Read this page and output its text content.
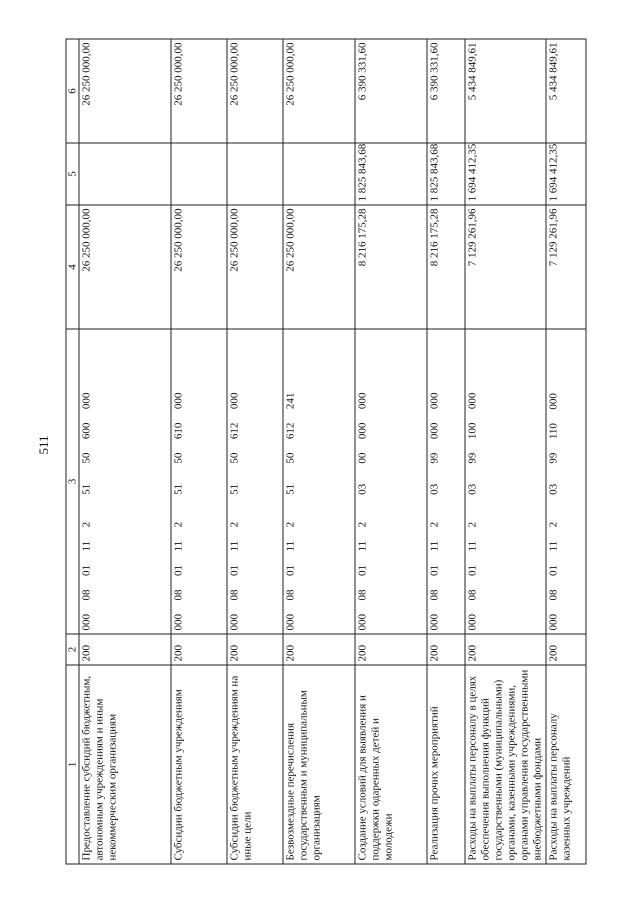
511
1	2	3	4	5	6
Предоставление субсидий бюджетным, автономным учреждениям и иным некоммерческим организациям	200	000  08  01  11  2    51   50  600  000	26 250 000,00		26 250 000,00
Субсидии бюджетным учреждениям	200	000  08  01  11  2    51   50  610  000	26 250 000,00		26 250 000,00
Субсидии бюджетным учреждениям на иные цели	200	000  08  01  11  2    51   50  612  000	26 250 000,00		26 250 000,00
Безвозмездные перечисления государственным и муниципальным организациям	200	000  08  01  11  2    51   50  612  241	26 250 000,00		26 250 000,00
Создание условий для выявления и поддержки одаренных детей и молодежи	200	000  08  01  11  2    03   00  000  000	8 216 175,28	1 825 843,68	6 390 331,60
Реализация прочих мероприятий	200	000  08  01  11  2    03   99  000  000	8 216 175,28	1 825 843,68	6 390 331,60
Расходы на выплаты персоналу в целях обеспечения выполнения функций государственными (муниципальными) органами, казенными учреждениями, органами управления государственными внебюджетными фондами	200	000  08  01  11  2    03   99  100  000	7 129 261,96	1 694 412,35	5 434 849,61
Расходы на выплаты персоналу казенных учреждений	200	000  08  01  11  2    03   99  110  000	7 129 261,96	1 694 412,35	5 434 849,61
